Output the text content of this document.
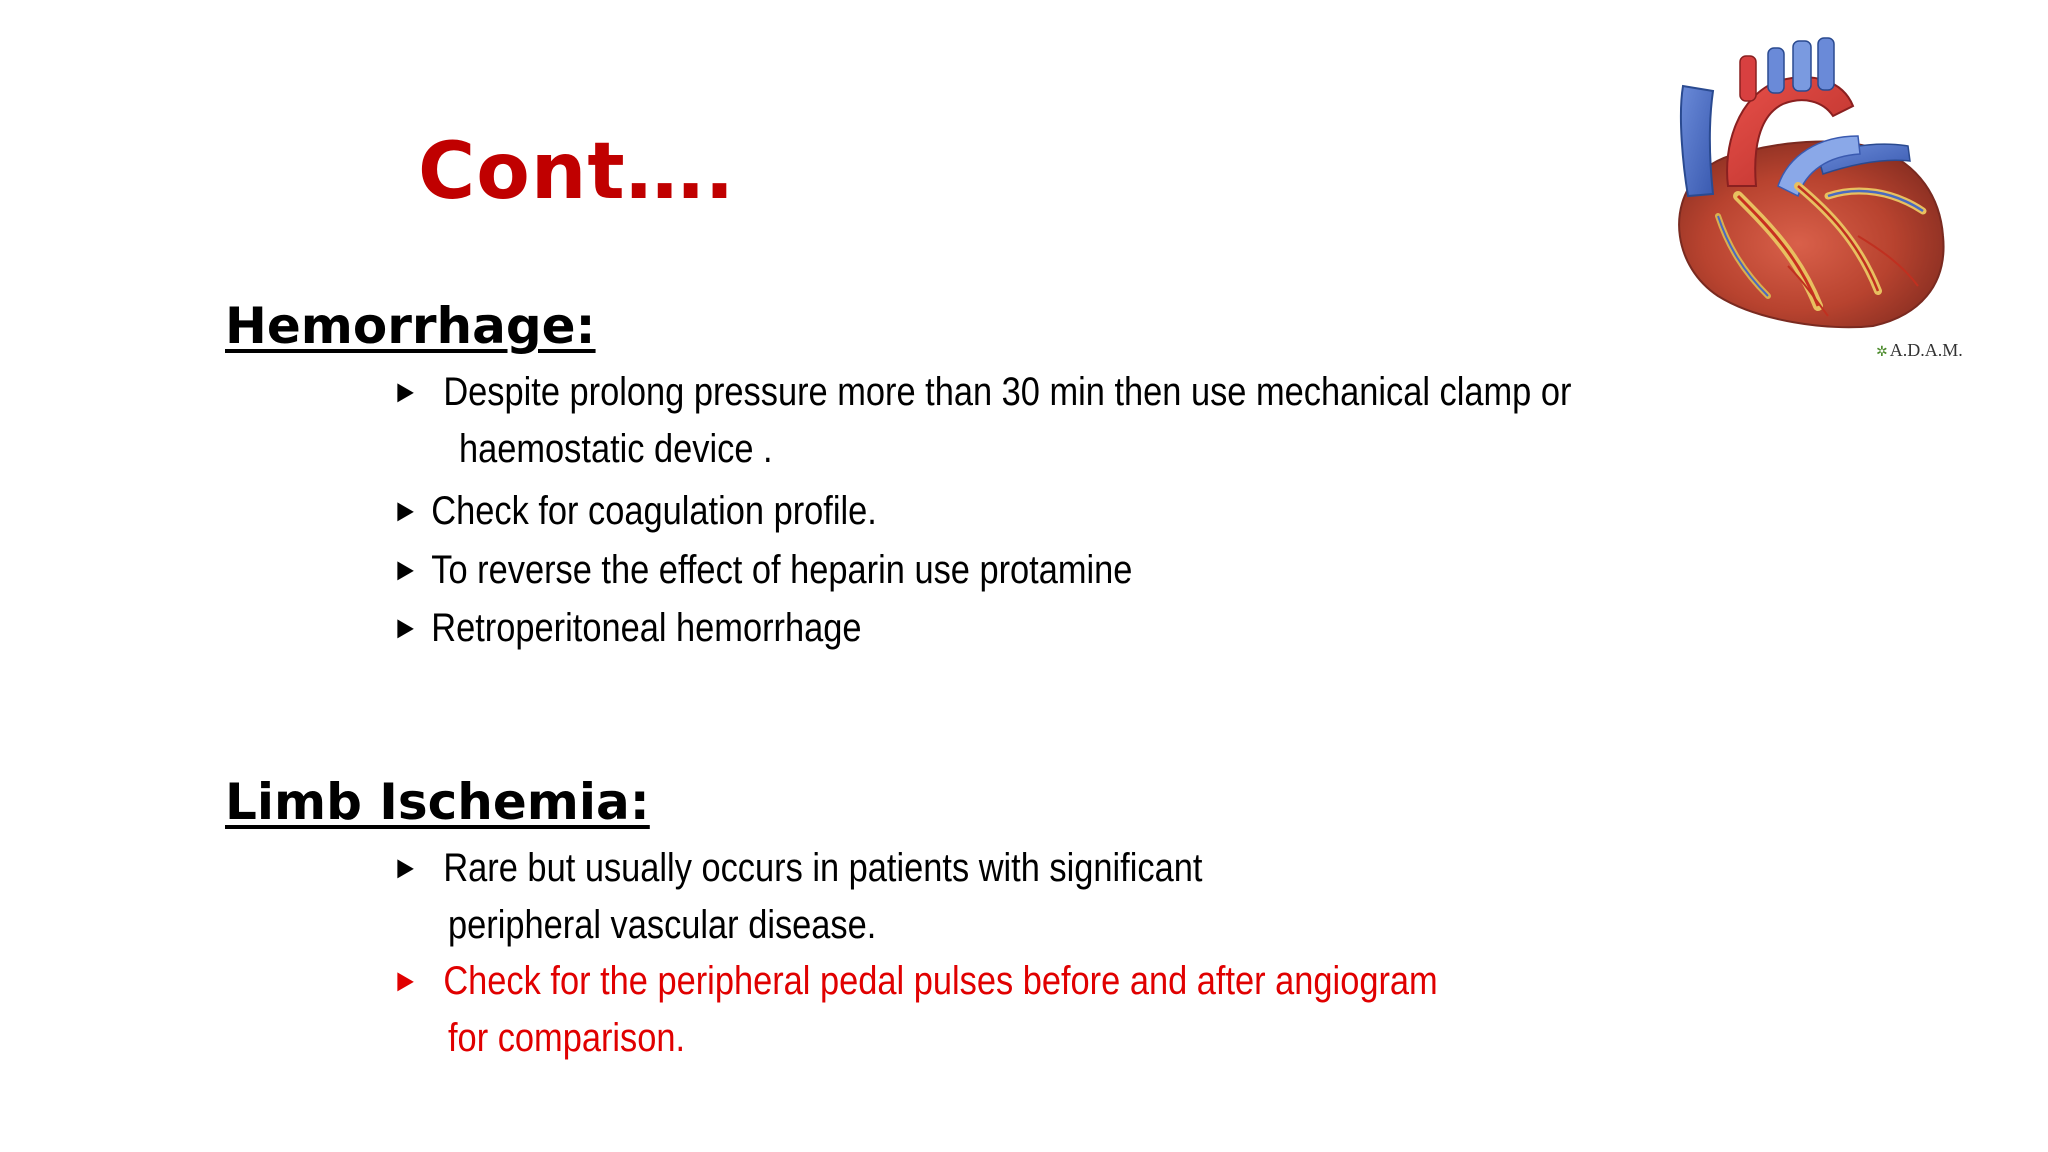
Cont….
✲ A.D.A.M.
Hemorrhage:
► Despite prolong pressure more than 30 min then use mechanical clamp or
haemostatic device .
► Check for coagulation profile.
► To reverse the effect of heparin use protamine
► Retroperitoneal hemorrhage
Limb Ischemia:
► Rare but usually occurs in patients with significant
peripheral vascular disease.
► Check for the peripheral pedal pulses before and after angiogram
for comparison.
